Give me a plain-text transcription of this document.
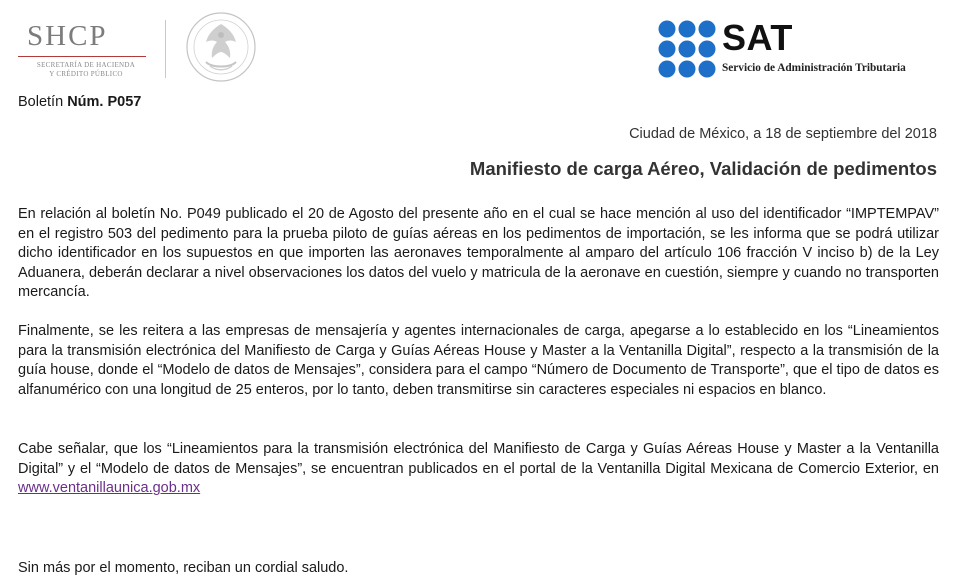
SHCP
SECRETARÍA DE HACIENDA
Y CRÉDITO PÚBLICO
SAT
Servicio de Administración Tributaria
Boletín Núm. P057
Ciudad de México, a 18 de septiembre del 2018
Manifiesto de carga Aéreo, Validación de pedimentos

En relación al boletín No. P049 publicado el 20 de Agosto del presente año en el cual se hace mención al uso del identificador “IMPTEMPAV” en el registro 503 del pedimento para la prueba piloto de guías aéreas en los pedimentos de importación, se les informa que se podrá utilizar dicho identificador en los supuestos en que importen las aeronaves temporalmente al amparo del artículo 106 fracción V inciso b) de la Ley Aduanera, deberán declarar a nivel observaciones los datos del vuelo y matricula de la aeronave en cuestión, siempre y cuando no transporten mercancía.

Finalmente, se les reitera a las empresas de mensajería y agentes internacionales de carga, apegarse a lo establecido en los “Lineamientos para la transmisión electrónica del Manifiesto de Carga y Guías Aéreas House y Master a la Ventanilla Digital”, respecto a la transmisión de la guía house, donde el “Modelo de datos de Mensajes”, considera para el campo “Número de Documento de Transporte”, que el tipo de datos es alfanumérico con una longitud de 25 enteros, por lo tanto, deben transmitirse sin caracteres especiales ni espacios en blanco.

Cabe señalar, que los “Lineamientos para la transmisión electrónica del Manifiesto de Carga y Guías Aéreas House y Master a la Ventanilla Digital” y el “Modelo de datos de Mensajes”, se encuentran publicados en el portal de la Ventanilla Digital Mexicana de Comercio Exterior, en www.ventanillaunica.gob.mx

Sin más por el momento, reciban un cordial saludo.
